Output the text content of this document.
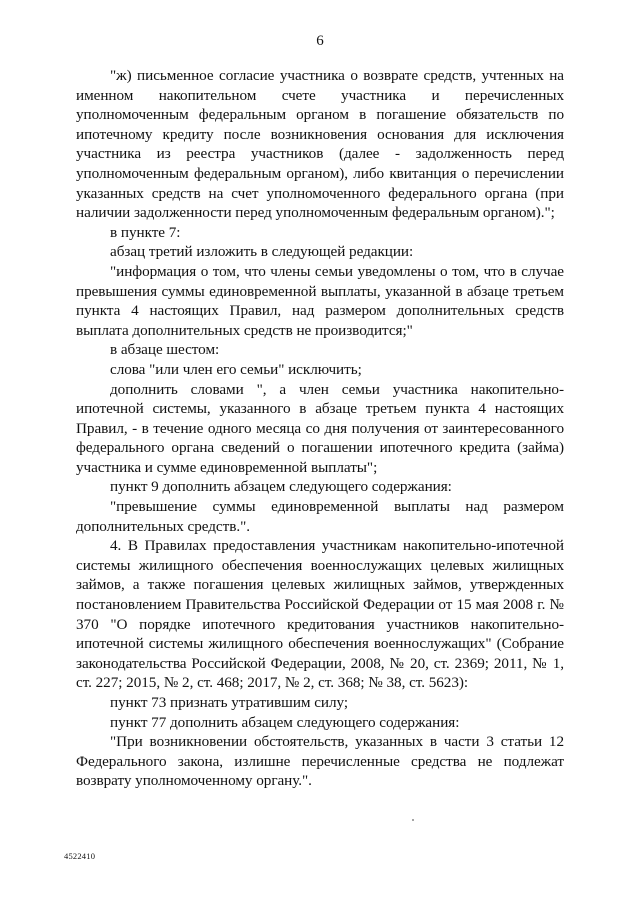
6

"ж) письменное согласие участника о возврате средств, учтенных на именном накопительном счете участника и перечисленных уполномоченным федеральным органом в погашение обязательств по ипотечному кредиту после возникновения основания для исключения участника из реестра участников (далее - задолженность перед уполномоченным федеральным органом), либо квитанция о перечислении указанных средств на счет уполномоченного федерального органа (при наличии задолженности перед уполномоченным федеральным органом).";

в пункте 7:

абзац третий изложить в следующей редакции:

"информация о том, что члены семьи уведомлены о том, что в случае превышения суммы единовременной выплаты, указанной в абзаце третьем пункта 4 настоящих Правил, над размером дополнительных средств выплата дополнительных средств не производится;"

в абзаце шестом:

слова "или член его семьи" исключить;

дополнить словами ", а член семьи участника накопительно-ипотечной системы, указанного в абзаце третьем пункта 4 настоящих Правил, - в течение одного месяца со дня получения от заинтересованного федерального органа сведений о погашении ипотечного кредита (займа) участника и сумме единовременной выплаты";

пункт 9 дополнить абзацем следующего содержания:

"превышение суммы единовременной выплаты над размером дополнительных средств.".

4. В Правилах предоставления участникам накопительно-ипотечной системы жилищного обеспечения военнослужащих целевых жилищных займов, а также погашения целевых жилищных займов, утвержденных постановлением Правительства Российской Федерации от 15 мая 2008 г. № 370 "О порядке ипотечного кредитования участников накопительно-ипотечной системы жилищного обеспечения военнослужащих" (Собрание законодательства Российской Федерации, 2008, № 20, ст. 2369; 2011, № 1, ст. 227; 2015, № 2, ст. 468; 2017, № 2, ст. 368; № 38, ст. 5623):

пункт 73 признать утратившим силу;

пункт 77 дополнить абзацем следующего содержания:

"При возникновении обстоятельств, указанных в части 3 статьи 12 Федерального закона, излишне перечисленные средства не подлежат возврату уполномоченному органу.".

4522410
